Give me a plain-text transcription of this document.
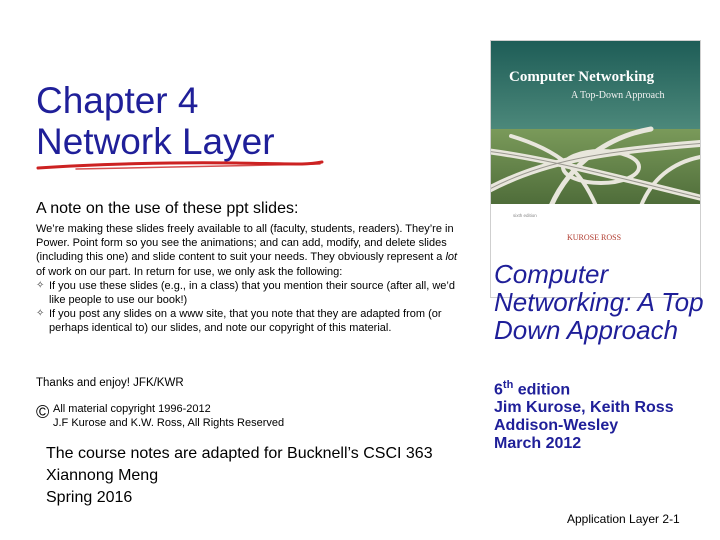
Chapter 4
Network Layer
A note on the use of these ppt slides:

We’re making these slides freely available to all (faculty, students, readers). They’re in Power. Point form so you see the animations; and can add, modify, and delete slides (including this one) and slide content to suit your needs. They obviously represent a lot of work on our part. In return for use, we only ask the following:

✧ If you use these slides (e.g., in a class) that you mention their source (after all, we’d like people to use our book!)
✧ If you post any slides on a www site, that you note that they are adapted from (or perhaps identical to) our slides, and note our copyright of this material.
Thanks and enjoy! JFK/KWR
© All material copyright 1996-2012
J.F Kurose and K.W. Ross, All Rights Reserved
The course notes are adapted for Bucknell’s CSCI 363
Xiannong Meng
Spring 2016
Computer Networking
A Top-Down Approach
sixth edition
KUROSE ROSS
Computer Networking: A Top Down Approach
6th edition
Jim Kurose, Keith Ross
Addison-Wesley
March 2012
Application Layer 2-1
